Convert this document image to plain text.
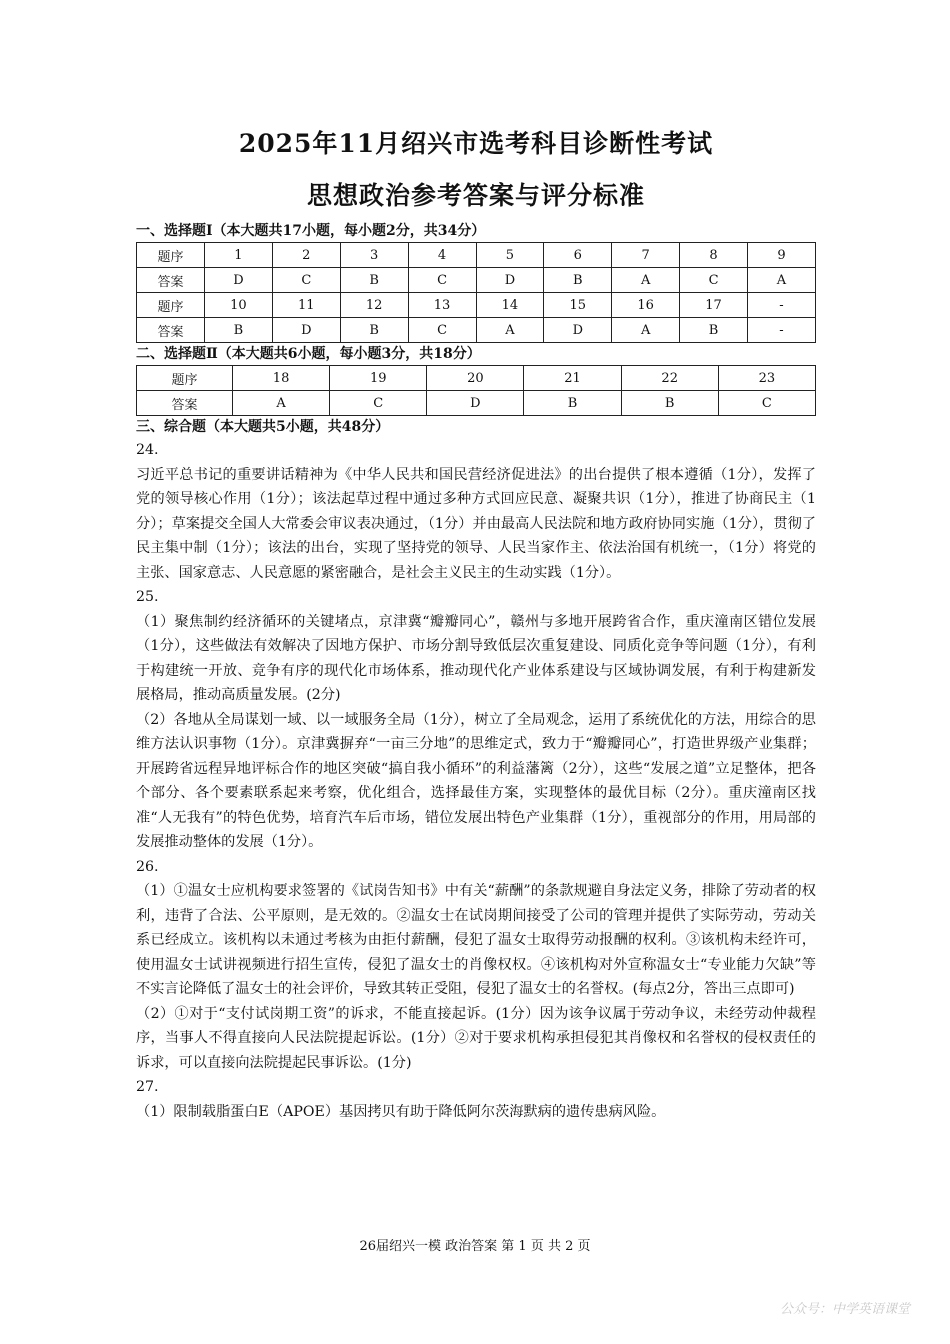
2025年11月绍兴市选考科目诊断性考试
思想政治参考答案与评分标准
一、选择题Ⅰ（本大题共17小题，每小题2分，共34分）
题序	1	2	3	4	5	6	7	8	9
答案	D	C	B	C	D	B	A	C	A
题序	10	11	12	13	14	15	16	17	-
答案	B	D	B	C	A	D	A	B	-
二、选择题Ⅱ（本大题共6小题，每小题3分，共18分）
题序	18	19	20	21	22	23
答案	A	C	D	B	B	C
三、综合题（本大题共5小题，共48分）
24.

习近平总书记的重要讲话精神为《中华人民共和国民营经济促进法》的出台提供了根本遵循（1分），发挥了党的领导核心作用（1分）；该法起草过程中通过多种方式回应民意、凝聚共识（1分），推进了协商民主（1分）；草案提交全国人大常委会审议表决通过，（1分）并由最高人民法院和地方政府协同实施（1分），贯彻了民主集中制（1分）；该法的出台，实现了坚持党的领导、人民当家作主、依法治国有机统一，（1分）将党的主张、国家意志、人民意愿的紧密融合，是社会主义民主的生动实践（1分）。

25.

（1）聚焦制约经济循环的关键堵点，京津冀“瓣瓣同心”，赣州与多地开展跨省合作，重庆潼南区错位发展（1分），这些做法有效解决了因地方保护、市场分割导致低层次重复建设、同质化竞争等问题（1分），有利于构建统一开放、竞争有序的现代化市场体系，推动现代化产业体系建设与区域协调发展，有利于构建新发展格局，推动高质量发展。(2分)

（2）各地从全局谋划一域、以一域服务全局（1分），树立了全局观念，运用了系统优化的方法，用综合的思维方法认识事物（1分）。京津冀摒弃“一亩三分地”的思维定式，致力于“瓣瓣同心”，打造世界级产业集群；开展跨省远程异地评标合作的地区突破“搞自我小循环”的利益藩篱（2分），这些“发展之道”立足整体，把各个部分、各个要素联系起来考察，优化组合，选择最佳方案，实现整体的最优目标（2分）。重庆潼南区找准“人无我有”的特色优势，培育汽车后市场，错位发展出特色产业集群（1分），重视部分的作用，用局部的发展推动整体的发展（1分）。

26.

（1）①温女士应机构要求签署的《试岗告知书》中有关“薪酬”的条款规避自身法定义务，排除了劳动者的权利，违背了合法、公平原则，是无效的。②温女士在试岗期间接受了公司的管理并提供了实际劳动，劳动关系已经成立。该机构以未通过考核为由拒付薪酬，侵犯了温女士取得劳动报酬的权利。③该机构未经许可，使用温女士试讲视频进行招生宣传，侵犯了温女士的肖像权权。④该机构对外宣称温女士“专业能力欠缺”等不实言论降低了温女士的社会评价，导致其转正受阻，侵犯了温女士的名誉权。(每点2分，答出三点即可)

（2）①对于“支付试岗期工资”的诉求，不能直接起诉。(1分）因为该争议属于劳动争议，未经劳动仲裁程序，当事人不得直接向人民法院提起诉讼。(1分）②对于要求机构承担侵犯其肖像权和名誉权的侵权责任的诉求，可以直接向法院提起民事诉讼。(1分)

27.

（1）限制载脂蛋白E（APOE）基因拷贝有助于降低阿尔茨海默病的遗传患病风险。

26届绍兴一模 政治答案 第 1 页 共 2 页
公众号：中学英语课堂
